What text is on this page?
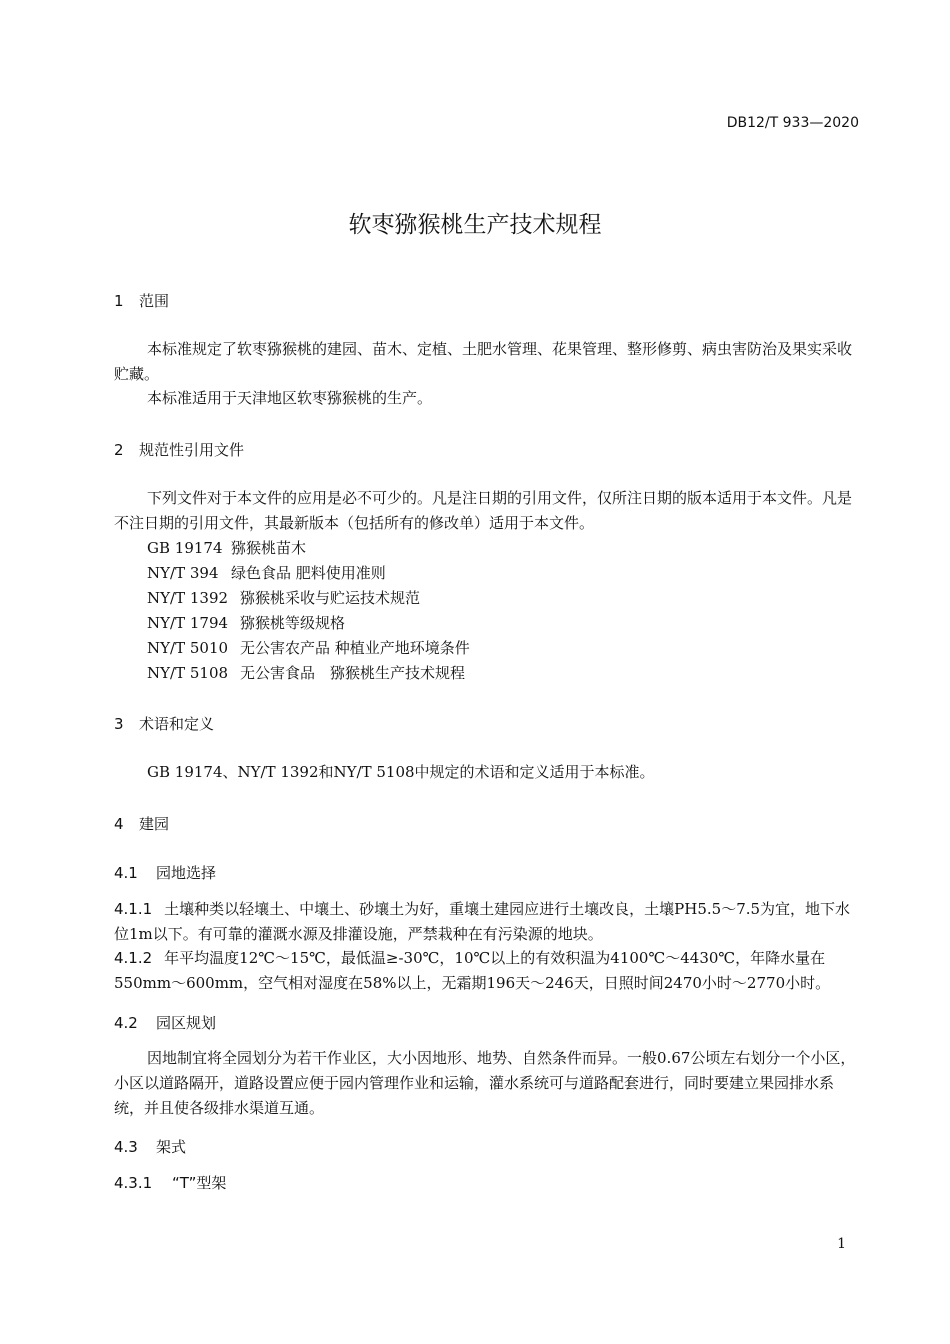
DB12/T 933—2020
软枣猕猴桃生产技术规程
1 范围
本标准规定了软枣猕猴桃的建园、苗木、定植、土肥水管理、花果管理、整形修剪、病虫害防治及果实采收贮藏。
本标准适用于天津地区软枣猕猴桃的生产。
2 规范性引用文件
下列文件对于本文件的应用是必不可少的。凡是注日期的引用文件，仅所注日期的版本适用于本文件。凡是不注日期的引用文件，其最新版本（包括所有的修改单）适用于本文件。
GB 19174 猕猴桃苗木
NY/T 394 绿色食品 肥料使用准则
NY/T 1392 猕猴桃采收与贮运技术规范
NY/T 1794 猕猴桃等级规格
NY/T 5010 无公害农产品 种植业产地环境条件
NY/T 5108 无公害食品　猕猴桃生产技术规程
3 术语和定义
GB 19174、NY/T 1392和NY/T 5108中规定的术语和定义适用于本标准。
4 建园
4.1 园地选择
4.1.1 土壤种类以轻壤土、中壤土、砂壤土为好，重壤土建园应进行土壤改良，土壤PH5.5～7.5为宜，地下水位1m以下。有可靠的灌溉水源及排灌设施，严禁栽种在有污染源的地块。
4.1.2 年平均温度12℃～15℃，最低温≥-30℃，10℃以上的有效积温为4100℃～4430℃，年降水量在550mm～600mm，空气相对湿度在58%以上，无霜期196天～246天，日照时间2470小时～2770小时。
4.2 园区规划
因地制宜将全园划分为若干作业区，大小因地形、地势、自然条件而异。一般0.67公顷左右划分一个小区，小区以道路隔开，道路设置应便于园内管理作业和运输，灌水系统可与道路配套进行，同时要建立果园排水系统，并且使各级排水渠道互通。
4.3 架式
4.3.1 “T”型架
1
